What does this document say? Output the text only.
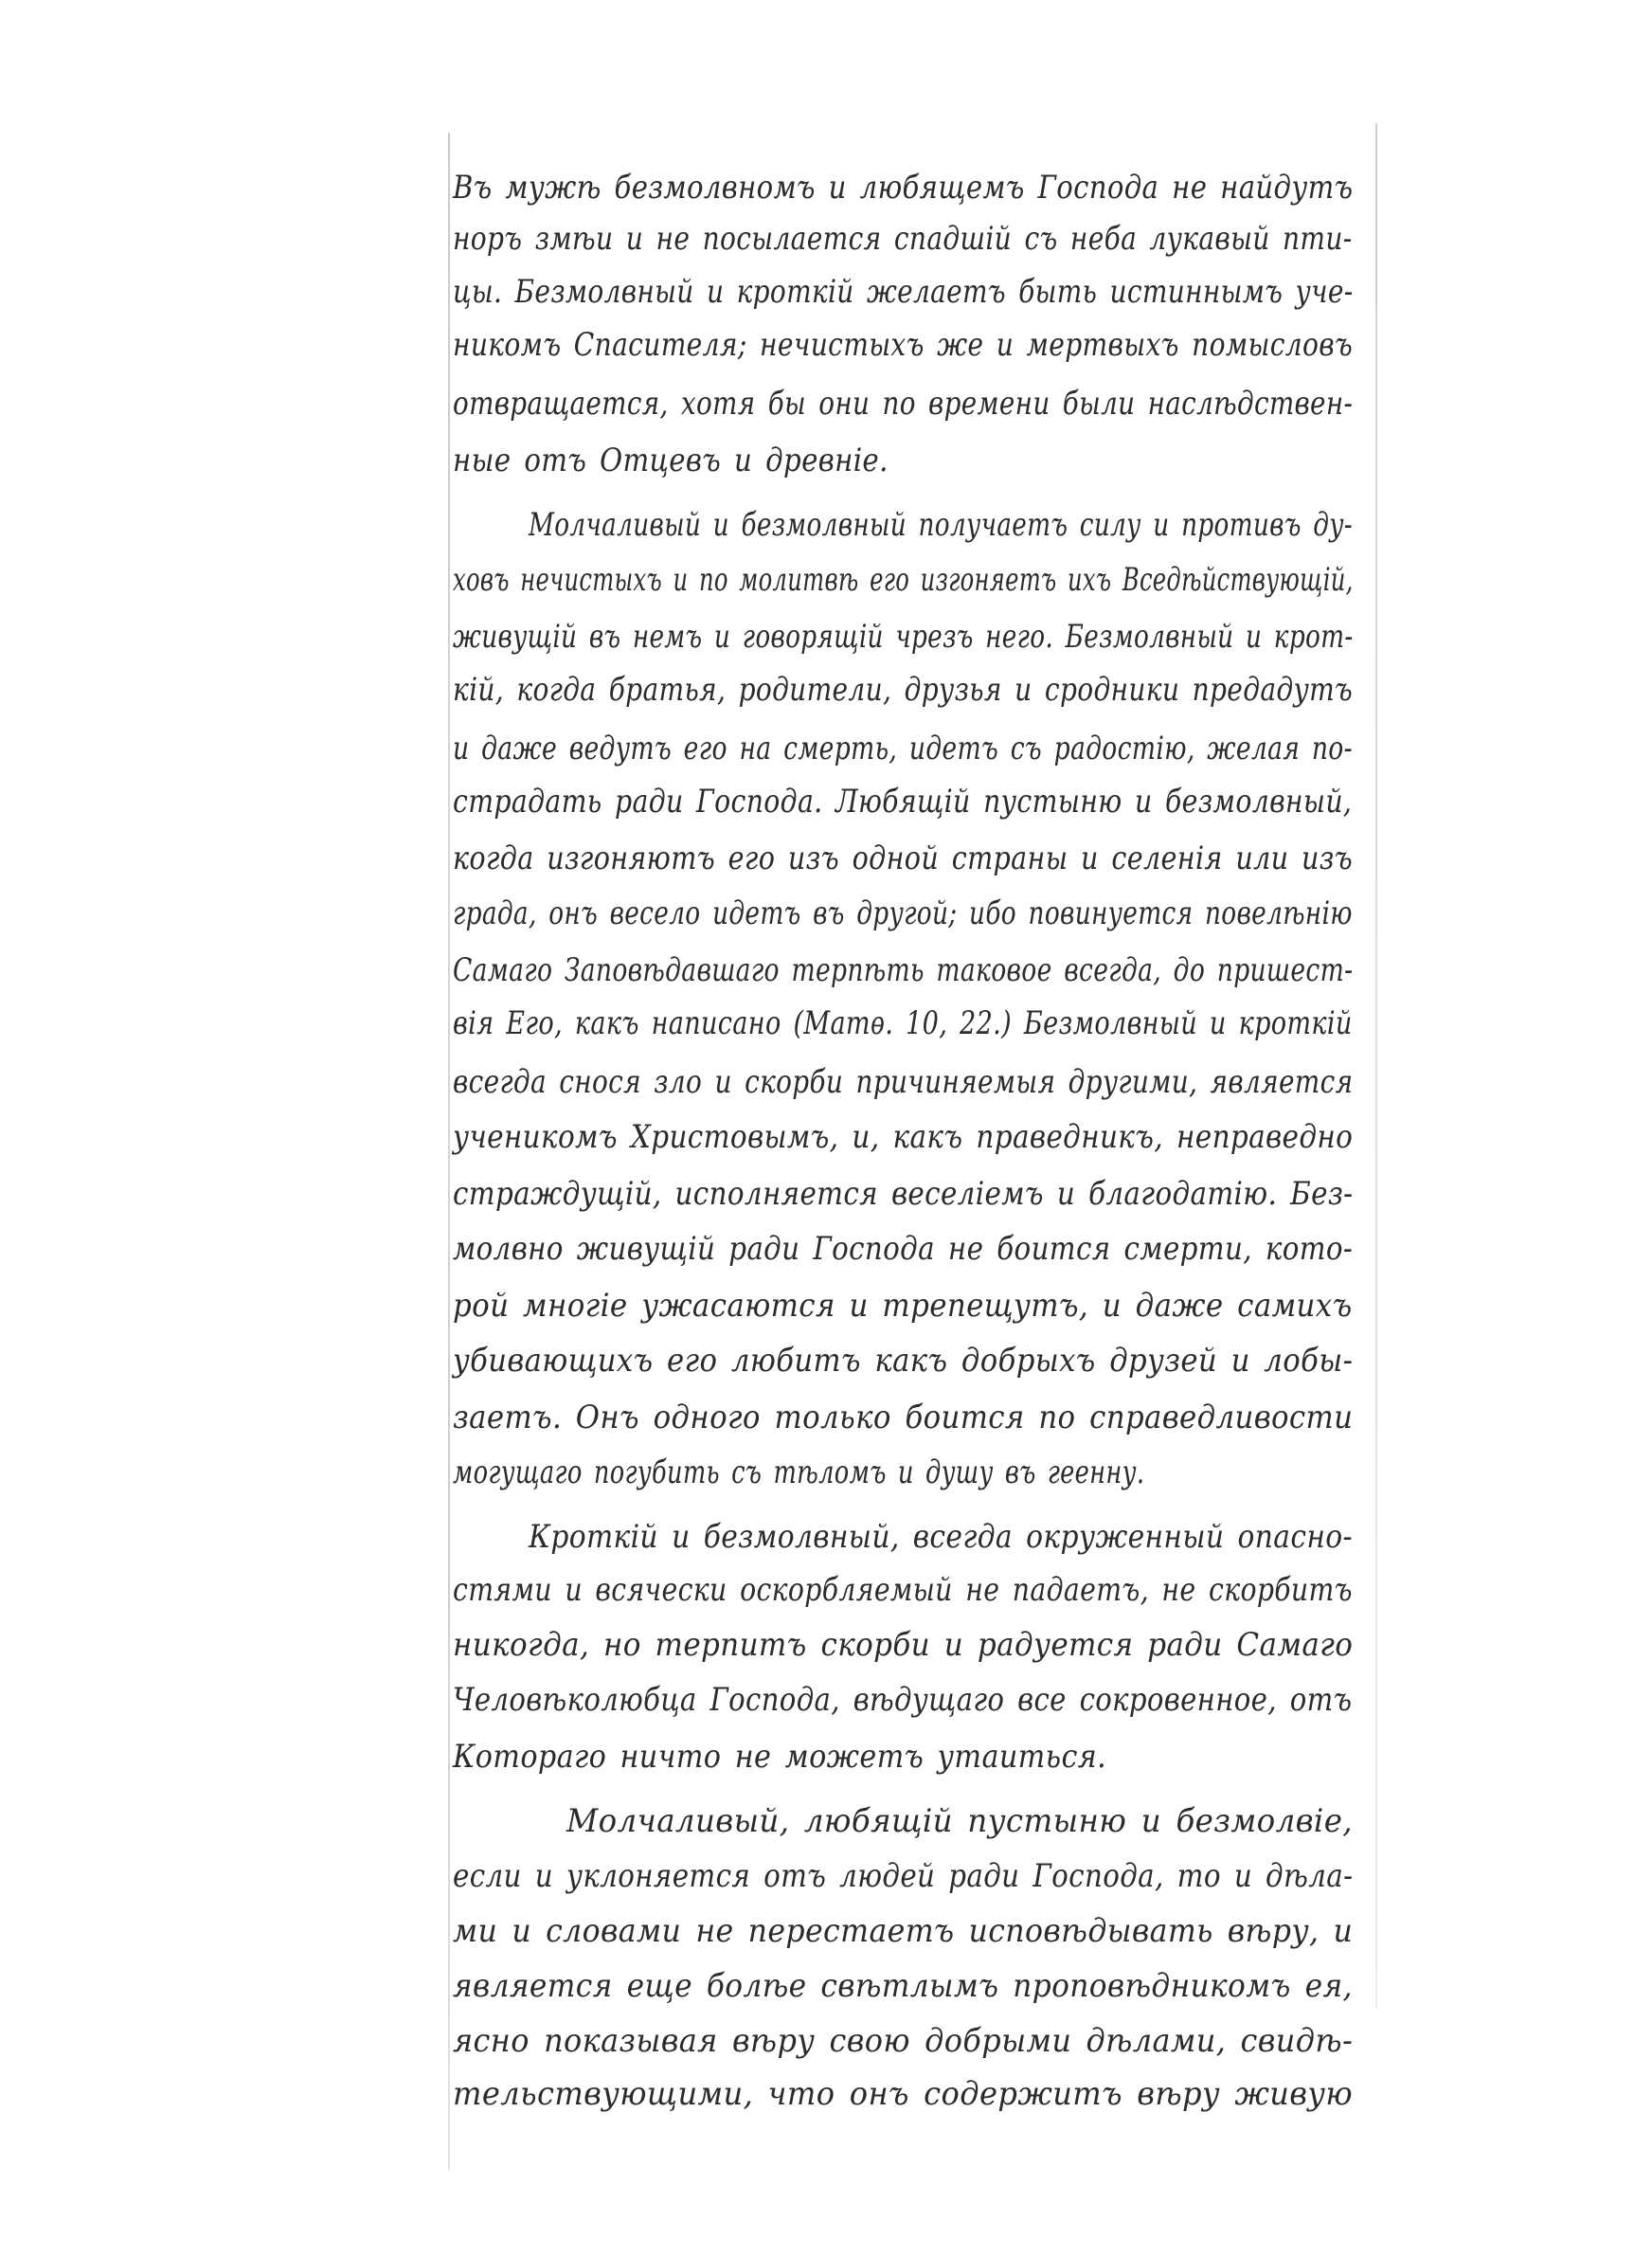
Въ мужѣ безмолвномъ и любящемъ Господа не найдутъ
норъ змѣи и не посылается спадшій съ неба лукавый пти-
цы. Безмолвный и кроткій желаетъ быть истиннымъ уче-
никомъ Спасителя; нечистыхъ же и мертвыхъ помысловъ
отвращается, хотя бы они по времени были наслѣдствен-
ные отъ Отцевъ и древніе.
Молчаливый и безмолвный получаетъ силу и противъ ду-
ховъ нечистыхъ и по молитвѣ его изгоняетъ ихъ Вседѣйствующій,
живущій въ немъ и говорящій чрезъ него. Безмолвный и крот-
кій, когда братья, родители, друзья и сродники предадутъ
и даже ведутъ его на смерть, идетъ съ радостію, желая по-
страдать ради Господа. Любящій пустыню и безмолвный,
когда изгоняютъ его изъ одной страны и селенія или изъ
града, онъ весело идетъ въ другой; ибо повинуется повелѣнію
Самаго Заповѣдавшаго терпѣть таковое всегда, до пришест-
вія Его, какъ написано (Матѳ. 10, 22.) Безмолвный и кроткій
всегда снося зло и скорби причиняемыя другими, является
ученикомъ Христовымъ, и, какъ праведникъ, неправедно
страждущій, исполняется веселіемъ и благодатію. Без-
молвно живущій ради Господа не боится смерти, кото-
рой многіе ужасаются и трепещутъ, и даже самихъ
убивающихъ его любитъ какъ добрыхъ друзей и лобы-
заетъ. Онъ одного только боится по справедливости
могущаго погубить съ тѣломъ и душу въ геенну.
Кроткій и безмолвный, всегда окруженный опасно-
стями и всячески оскорбляемый не падаетъ, не скорбитъ
никогда, но терпитъ скорби и радуется ради Самаго
Человѣколюбца Господа, вѣдущаго все сокровенное, отъ
Котораго ничто не можетъ утаиться.
Молчаливый, любящій пустыню и безмолвіе,
если и уклоняется отъ людей ради Господа, то и дѣла-
ми и словами не перестаетъ исповѣдывать вѣру, и
является еще болѣе свѣтлымъ проповѣдникомъ ея,
ясно показывая вѣру свою добрыми дѣлами, свидѣ-
тельствующими, что онъ содержитъ вѣру живую
